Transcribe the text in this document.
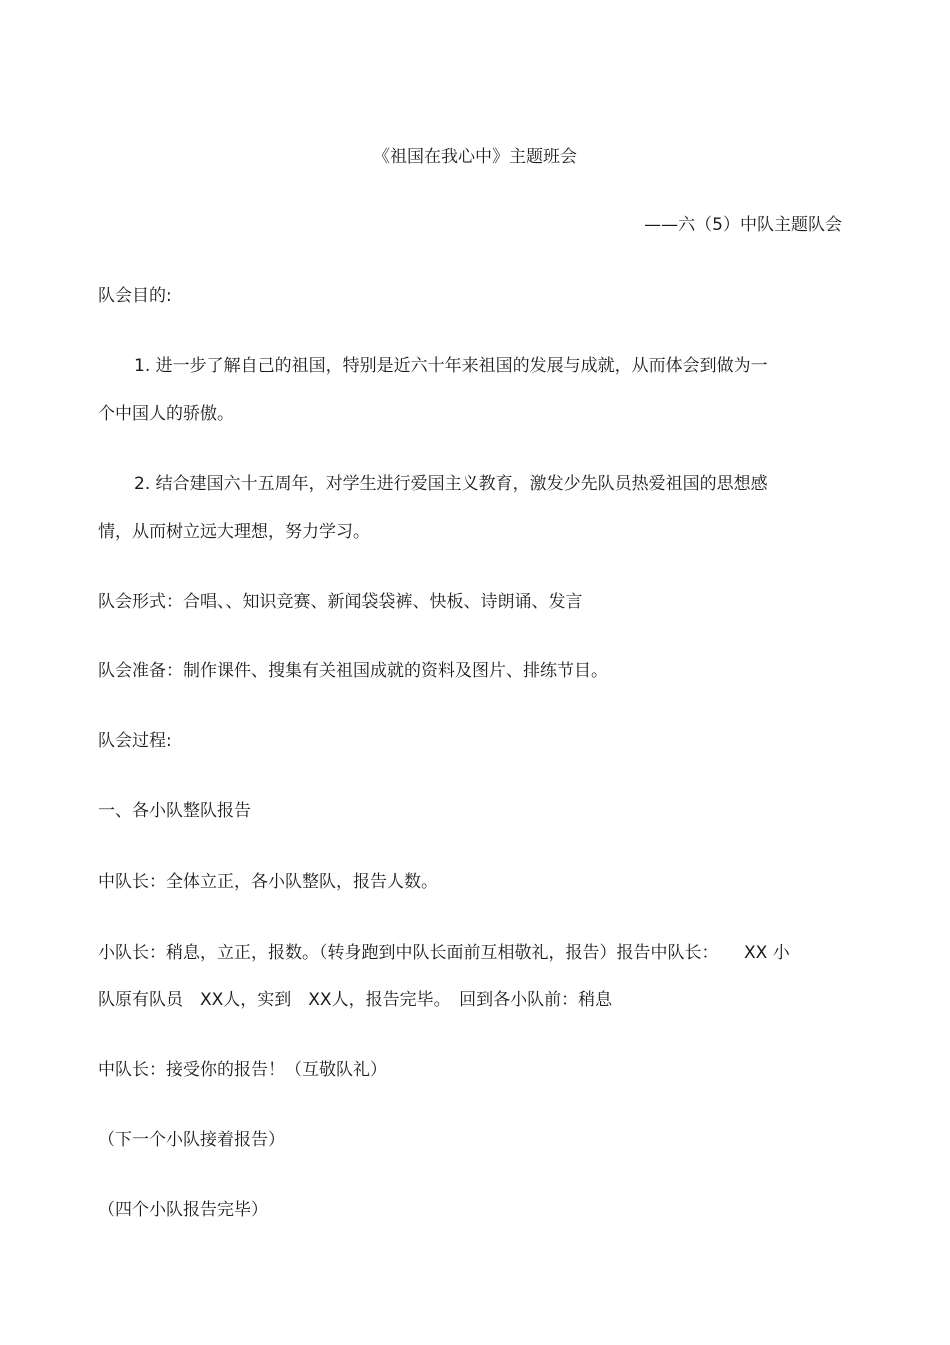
《祖国在我心中》主题班会
——六（5）中队主题队会
队会目的:
1. 进一步了解自己的祖国，特别是近六十年来祖国的发展与成就，从而体会到做为一
个中国人的骄傲。
2. 结合建国六十五周年，对学生进行爱国主义教育，激发少先队员热爱祖国的思想感
情，从而树立远大理想，努力学习。
队会形式：合唱、、知识竞赛、新闻袋袋裤、快板、诗朗诵、发言
队会准备：制作课件、搜集有关祖国成就的资料及图片、排练节目。
队会过程:
一、各小队整队报告
中队长：全体立正，各小队整队，报告人数。
小队长：稍息，立正，报数。（转身跑到中队长面前互相敬礼，报告）报告中队长：　　XX 小
队原有队员　XX人，实到　XX人，报告完毕。　回到各小队前：稍息
中队长：接受你的报告！（互敬队礼）
（下一个小队接着报告）
（四个小队报告完毕）
